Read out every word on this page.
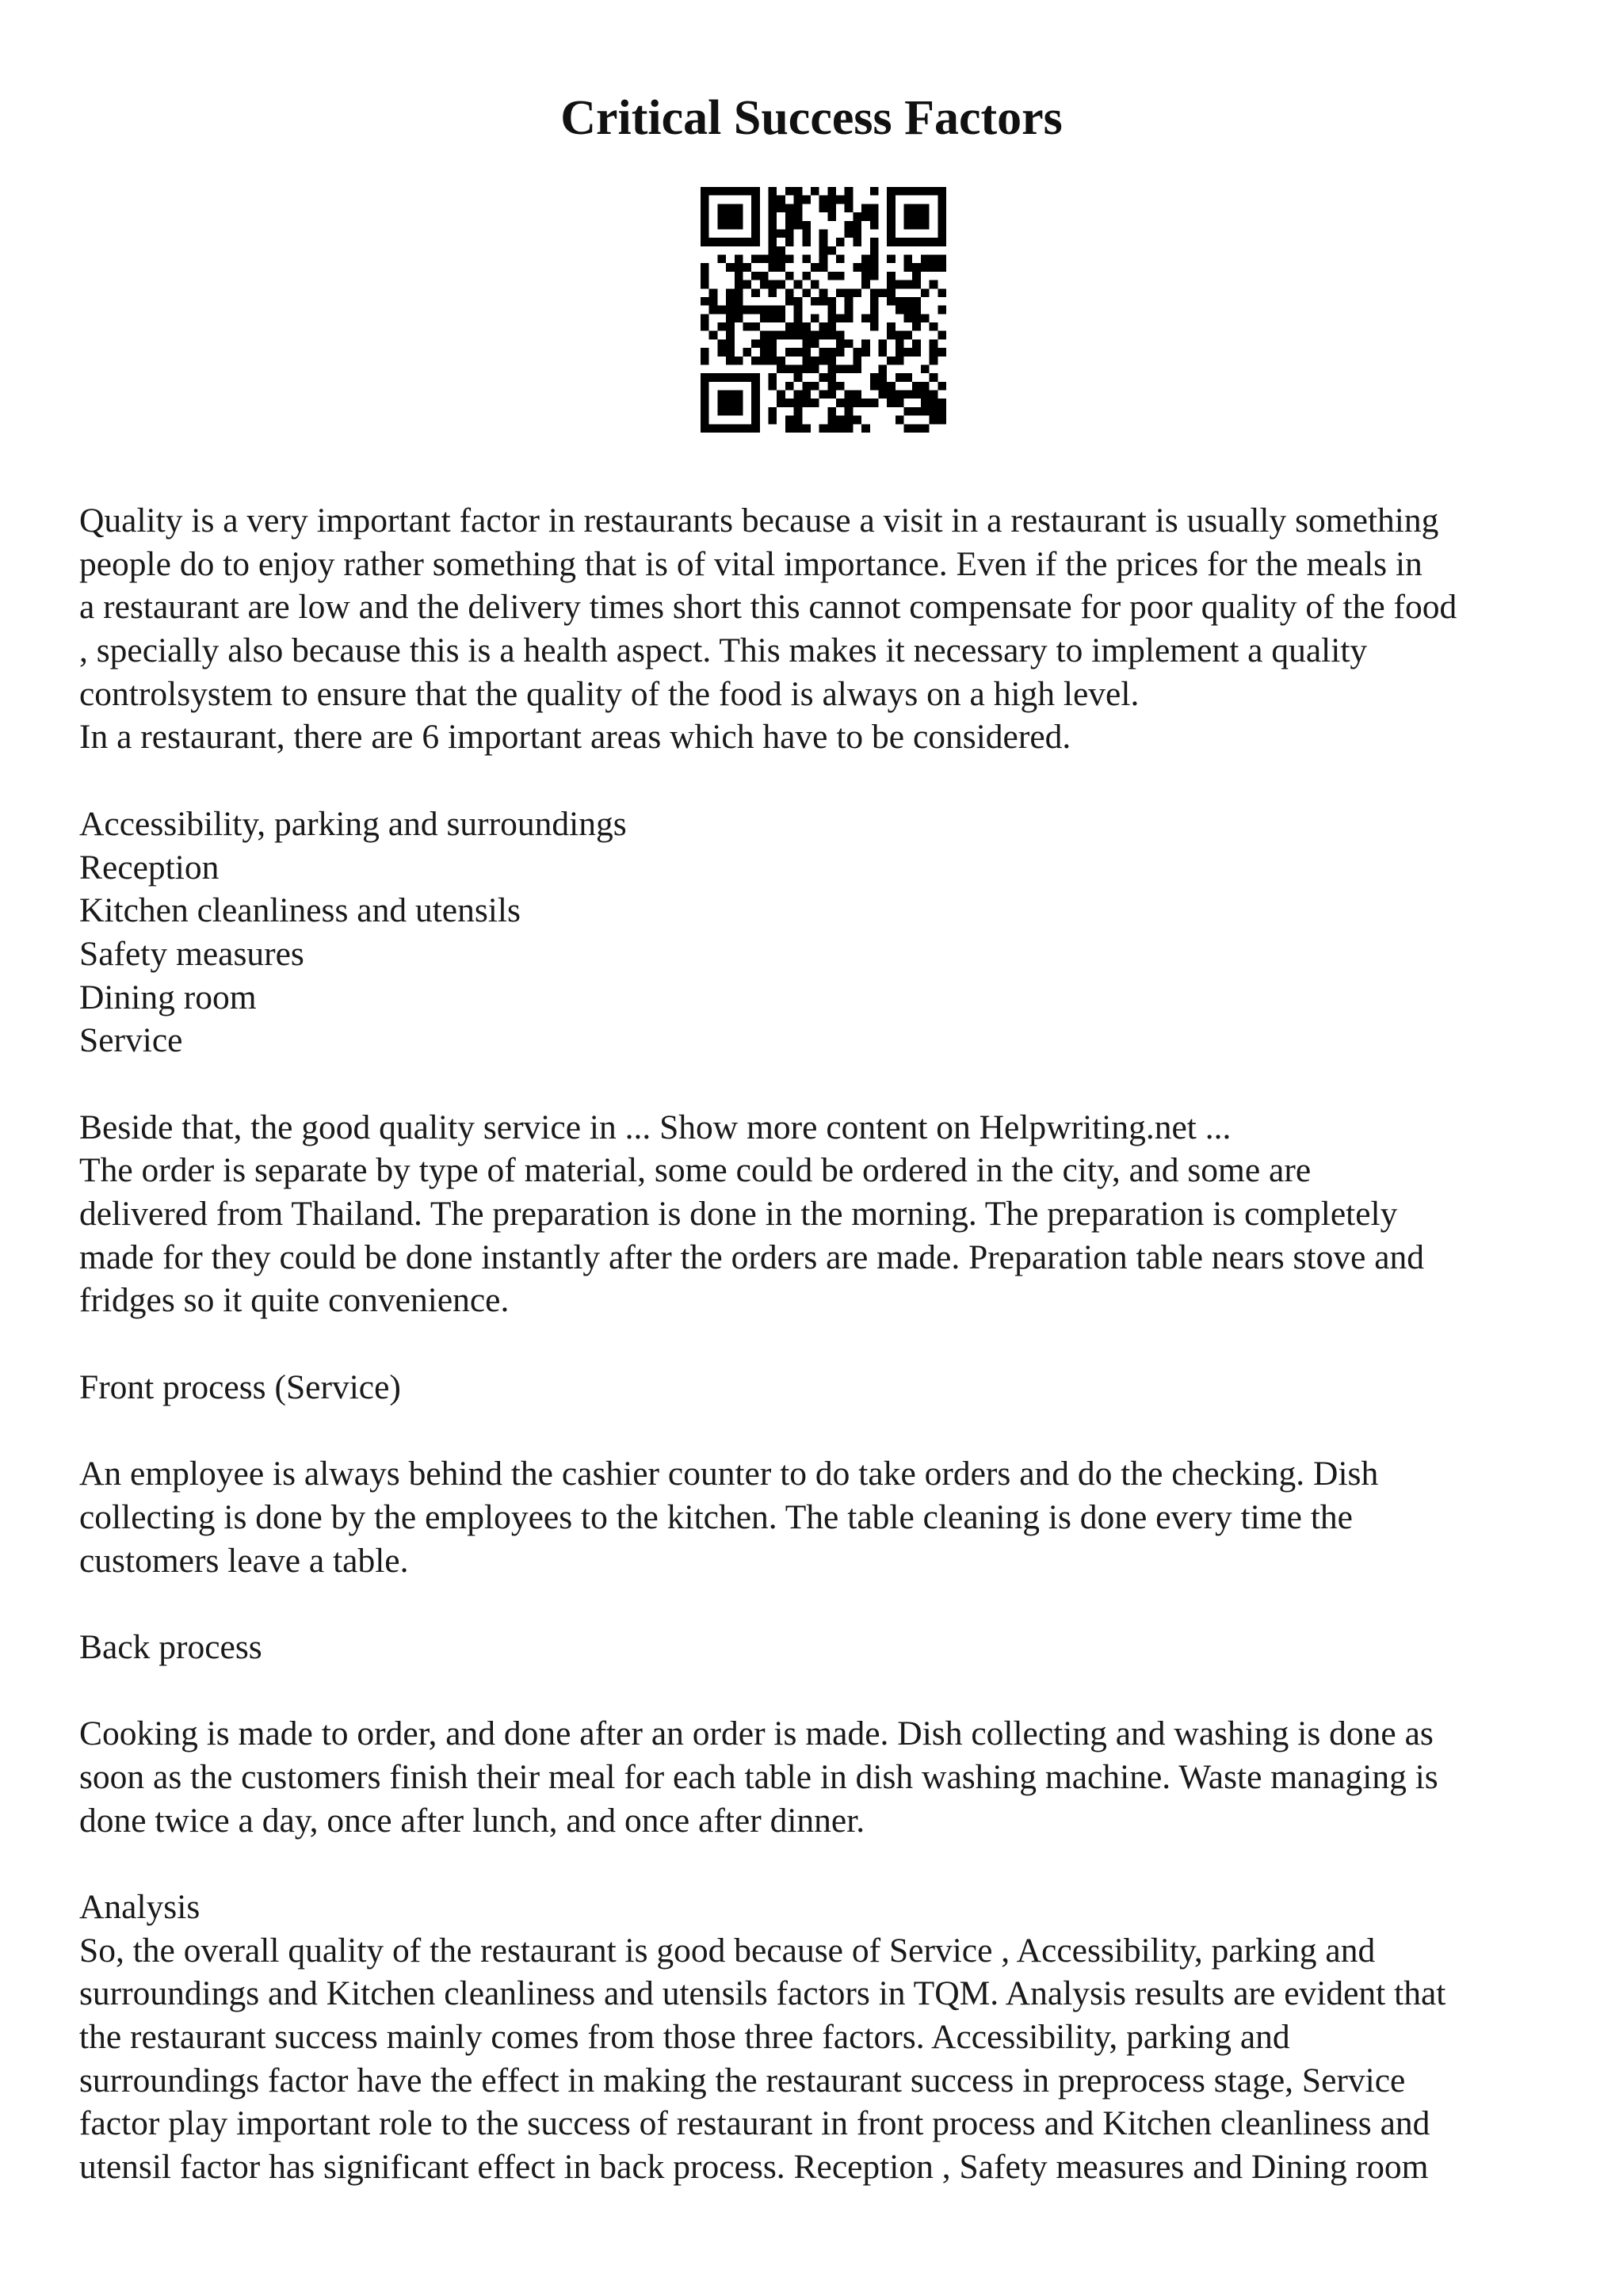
Critical Success Factors
Quality is a very important factor in restaurants because a visit in a restaurant is usually something
people do to enjoy rather something that is of vital importance. Even if the prices for the meals in
a restaurant are low and the delivery times short this cannot compensate for poor quality of the food
, specially also because this is a health aspect. This makes it necessary to implement a quality
controlsystem to ensure that the quality of the food is always on a high level.
In a restaurant, there are 6 important areas which have to be considered.
Accessibility, parking and surroundings
Reception
Kitchen cleanliness and utensils
Safety measures
Dining room
Service
Beside that, the good quality service in ... Show more content on Helpwriting.net ...
The order is separate by type of material, some could be ordered in the city, and some are
delivered from Thailand. The preparation is done in the morning. The preparation is completely
made for they could be done instantly after the orders are made. Preparation table nears stove and
fridges so it quite convenience.
Front process (Service)
An employee is always behind the cashier counter to do take orders and do the checking. Dish
collecting is done by the employees to the kitchen. The table cleaning is done every time the
customers leave a table.
Back process
Cooking is made to order, and done after an order is made. Dish collecting and washing is done as
soon as the customers finish their meal for each table in dish washing machine. Waste managing is
done twice a day, once after lunch, and once after dinner.
Analysis
So, the overall quality of the restaurant is good because of Service , Accessibility, parking and
surroundings and Kitchen cleanliness and utensils factors in TQM. Analysis results are evident that
the restaurant success mainly comes from those three factors. Accessibility, parking and
surroundings factor have the effect in making the restaurant success in preprocess stage, Service
factor play important role to the success of restaurant in front process and Kitchen cleanliness and
utensil factor has significant effect in back process. Reception , Safety measures and Dining room
